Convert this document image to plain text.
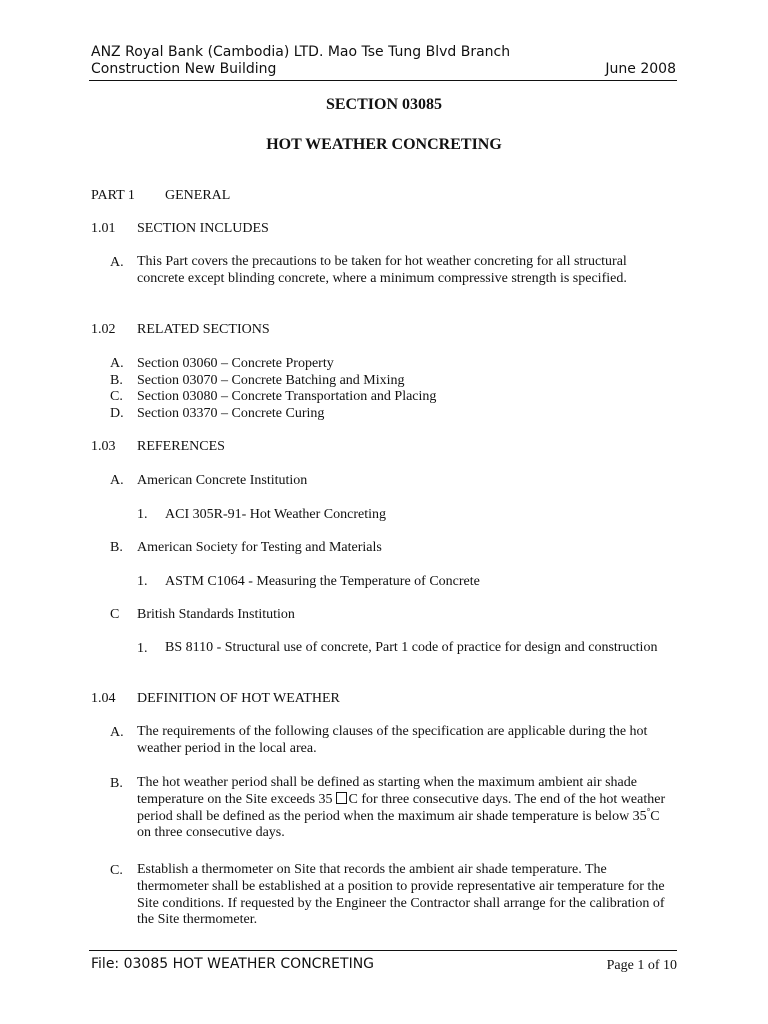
ANZ Royal Bank (Cambodia) LTD. Mao Tse Tung Blvd Branch
Construction New Building	June 2008
SECTION 03085
HOT WEATHER CONCRETING
PART 1 GENERAL
1.01 SECTION INCLUDES
A. This Part covers the precautions to be taken for hot weather concreting for all structural concrete except blinding concrete, where a minimum compressive strength is specified.
1.02 RELATED SECTIONS
A. Section 03060 – Concrete Property
B. Section 03070 – Concrete Batching and Mixing
C. Section 03080 – Concrete Transportation and Placing
D. Section 03370 – Concrete Curing
1.03 REFERENCES
A. American Concrete Institution
1. ACI 305R-91- Hot Weather Concreting
B. American Society for Testing and Materials
1. ASTM C1064 - Measuring the Temperature of Concrete
C British Standards Institution
1. BS 8110 - Structural use of concrete, Part 1 code of practice for design and construction
1.04 DEFINITION OF HOT WEATHER
A. The requirements of the following clauses of the specification are applicable during the hot weather period in the local area.
B. The hot weather period shall be defined as starting when the maximum ambient air shade temperature on the Site exceeds 35 C for three consecutive days. The end of the hot weather period shall be defined as the period when the maximum air shade temperature is below 35°C on three consecutive days.
C. Establish a thermometer on Site that records the ambient air shade temperature. The thermometer shall be established at a position to provide representative air temperature for the Site conditions. If requested by the Engineer the Contractor shall arrange for the calibration of the Site thermometer.
File: 03085 HOT WEATHER CONCRETING	Page 1 of 10
